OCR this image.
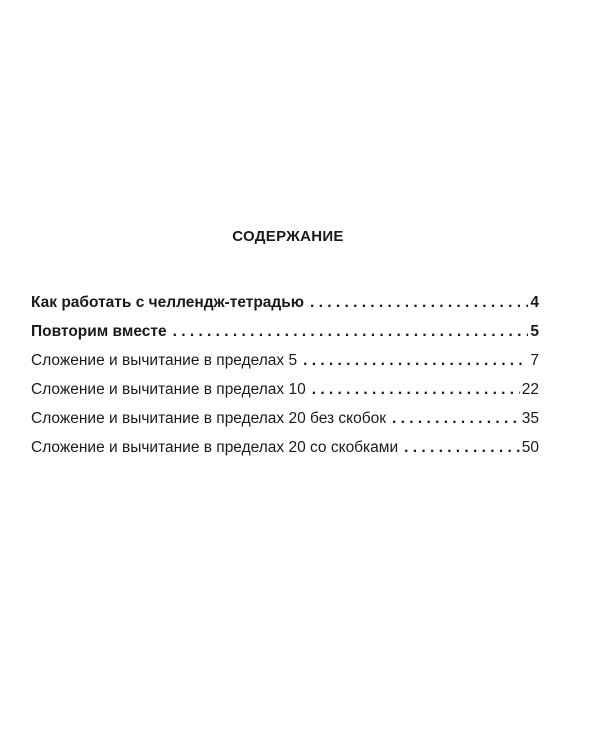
СОДЕРЖАНИЕ
Как работать с челлендж-тетрадью . . .	4
Повторим вместе . . .	5
Сложение и вычитание в пределах 5 . . .	7
Сложение и вычитание в пределах 10 . . .	22
Сложение и вычитание в пределах 20 без скобок . . .	35
Сложение и вычитание в пределах 20 со скобками . . .	50
